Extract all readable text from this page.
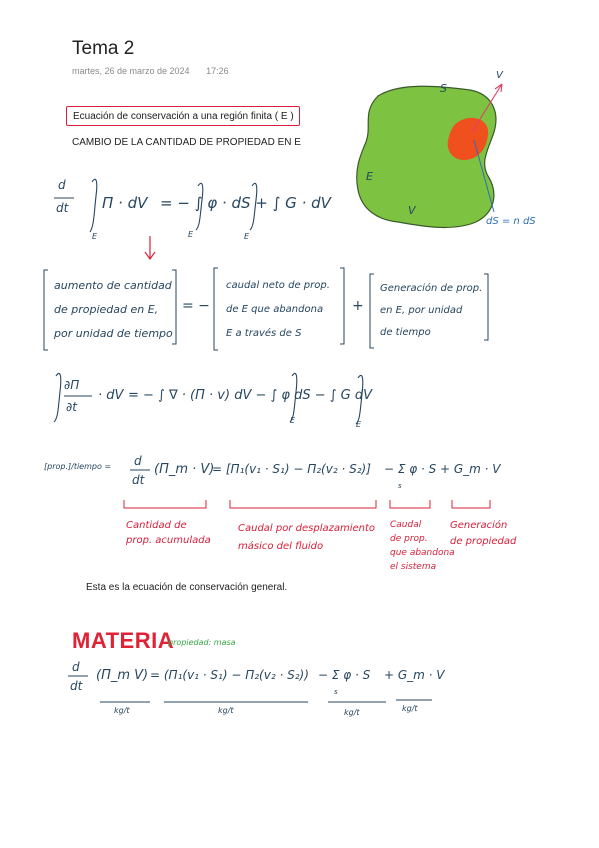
Tema 2
martes, 26 de marzo de 2024 17:26
Ecuación de conservación a una región finita ( E )
CAMBIO DE LA CANTIDAD DE PROPIEDAD EN E
S
V
E
V
dS = n dS
d
dt Π · dV = − ∫ φ · dS + ∫ G · dV
E	E	E
aumento de cantidad
de propiedad en E,
por unidad de tiempo
= −
caudal neto de prop.
de E que abandona
E a través de S
+
Generación de prop.
en E, por unidad
de tiempo
∂Π
∂t
· dV = − ∫ ∇ · (Π · v) dV − ∫ φ dS − ∫ G dV
E	E
[prop.]/tiempo = d
dt
(Π_m · V)
= [Π₁(v₁ · S₁) − Π₂(v₂ · S₂)] − Σ φ · S
s
+ G_m · V
Cantidad de
prop. acumulada
Caudal por desplazamiento
másico del fluido
Caudal
de prop.
que abandona
el sistema
Generación
de propiedad
Esta es la ecuación de conservación general.
MATERIA
propiedad: masa
d
dt
(Π_m V) = (Π₁(v₁ · S₁) − Π₂(v₂ · S₂)) − Σ φ · S
s
+ G_m · V
kg/t	kg/t	kg/t	kg/t
